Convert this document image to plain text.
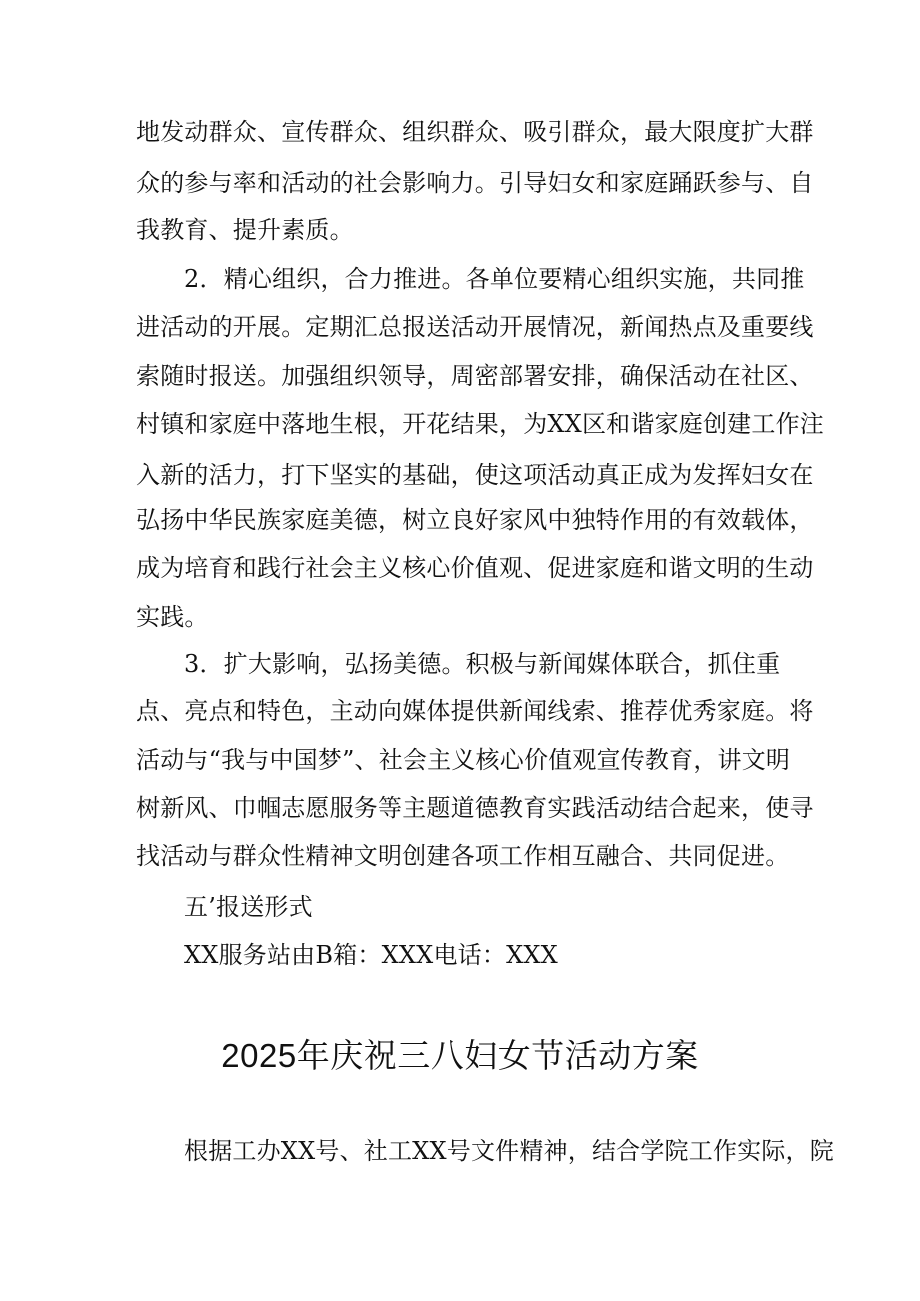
地发动群众、宣传群众、组织群众、吸引群众，最大限度扩大群
众的参与率和活动的社会影响力。引导妇女和家庭踊跃参与、自
我教育、提升素质。
2．精心组织，合力推进。各单位要精心组织实施，共同推
进活动的开展。定期汇总报送活动开展情况，新闻热点及重要线
索随时报送。加强组织领导，周密部署安排，确保活动在社区、
村镇和家庭中落地生根，开花结果，为XX区和谐家庭创建工作注
入新的活力，打下坚实的基础，使这项活动真正成为发挥妇女在
弘扬中华民族家庭美德，树立良好家风中独特作用的有效载体，
成为培育和践行社会主义核心价值观、促进家庭和谐文明的生动
实践。
3．扩大影响，弘扬美德。积极与新闻媒体联合，抓住重
点、亮点和特色，主动向媒体提供新闻线索、推荐优秀家庭。将
活动与“我与中国梦”、社会主义核心价值观宣传教育，讲文明
树新风、巾帼志愿服务等主题道德教育实践活动结合起来，使寻
找活动与群众性精神文明创建各项工作相互融合、共同促进。
五’报送形式
XX服务站由B箱：XXX电话：XXX
2025年庆祝三八妇女节活动方案
根据工办XX号、社工XX号文件精神，结合学院工作实际，院
